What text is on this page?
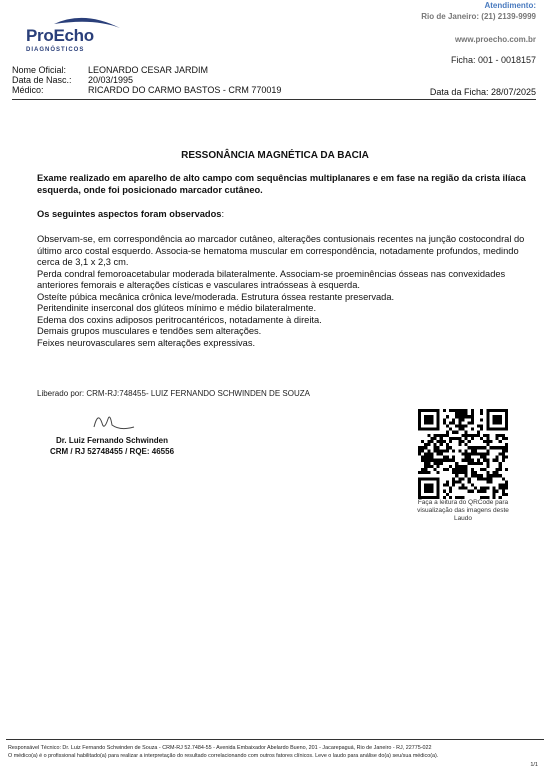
ProEcho
DIAGNÓSTICOS
Atendimento:
Rio de Janeiro: (21) 2139-9999
www.proecho.com.br
Ficha: 001 - 0018157
Nome Oficial:	LEONARDO CESAR JARDIM
Data de Nasc.:	20/03/1995
Médico:	RICARDO DO CARMO BASTOS - CRM 770019	Data da Ficha: 28/07/2025
RESSONÂNCIA MAGNÉTICA DA BACIA
Exame realizado em aparelho de alto campo com sequências multiplanares e em fase na região da crista ilíaca esquerda, onde foi posicionado marcador cutâneo.
Os seguintes aspectos foram observados:
Observam-se, em correspondência ao marcador cutâneo, alterações contusionais recentes na junção costocondral do último arco costal esquerdo. Associa-se hematoma muscular em correspondência, notadamente profundos, medindo cerca de 3,1 x 2,3 cm.
Perda condral femoroacetabular moderada bilateralmente. Associam-se proeminências ósseas nas convexidades anteriores femorais e alterações císticas e vasculares intraósseas à esquerda.
Osteíte púbica mecânica crônica leve/moderada. Estrutura óssea restante preservada.
Peritendinite inserconal dos glúteos mínimo e médio bilateralmente.
Edema dos coxins adiposos peritrocantéricos, notadamente à direita.
Demais grupos musculares e tendões sem alterações.
Feixes neurovasculares sem alterações expressivas.
Liberado por: CRM-RJ:748455- LUIZ FERNANDO SCHWINDEN DE SOUZA
Dr. Luiz Fernando Schwinden
CRM / RJ 52748455 / RQE: 46556
Faça a leitura do QRCode para visualização das imagens deste Laudo
Responsável Técnico: Dr. Luiz Fernando Schwinden de Souza - CRM-RJ 52.7484-55 - Avenida Embaixador Abelardo Bueno, 201 - Jacarepaguá, Rio de Janeiro - RJ, 22775-022
O médico(a) é o profissional habilitado(a) para realizar a interpretação do resultado correlacionando com outros fatores clínicos. Leve o laudo para análise do(a) seu/sua médico(a).
1/1
